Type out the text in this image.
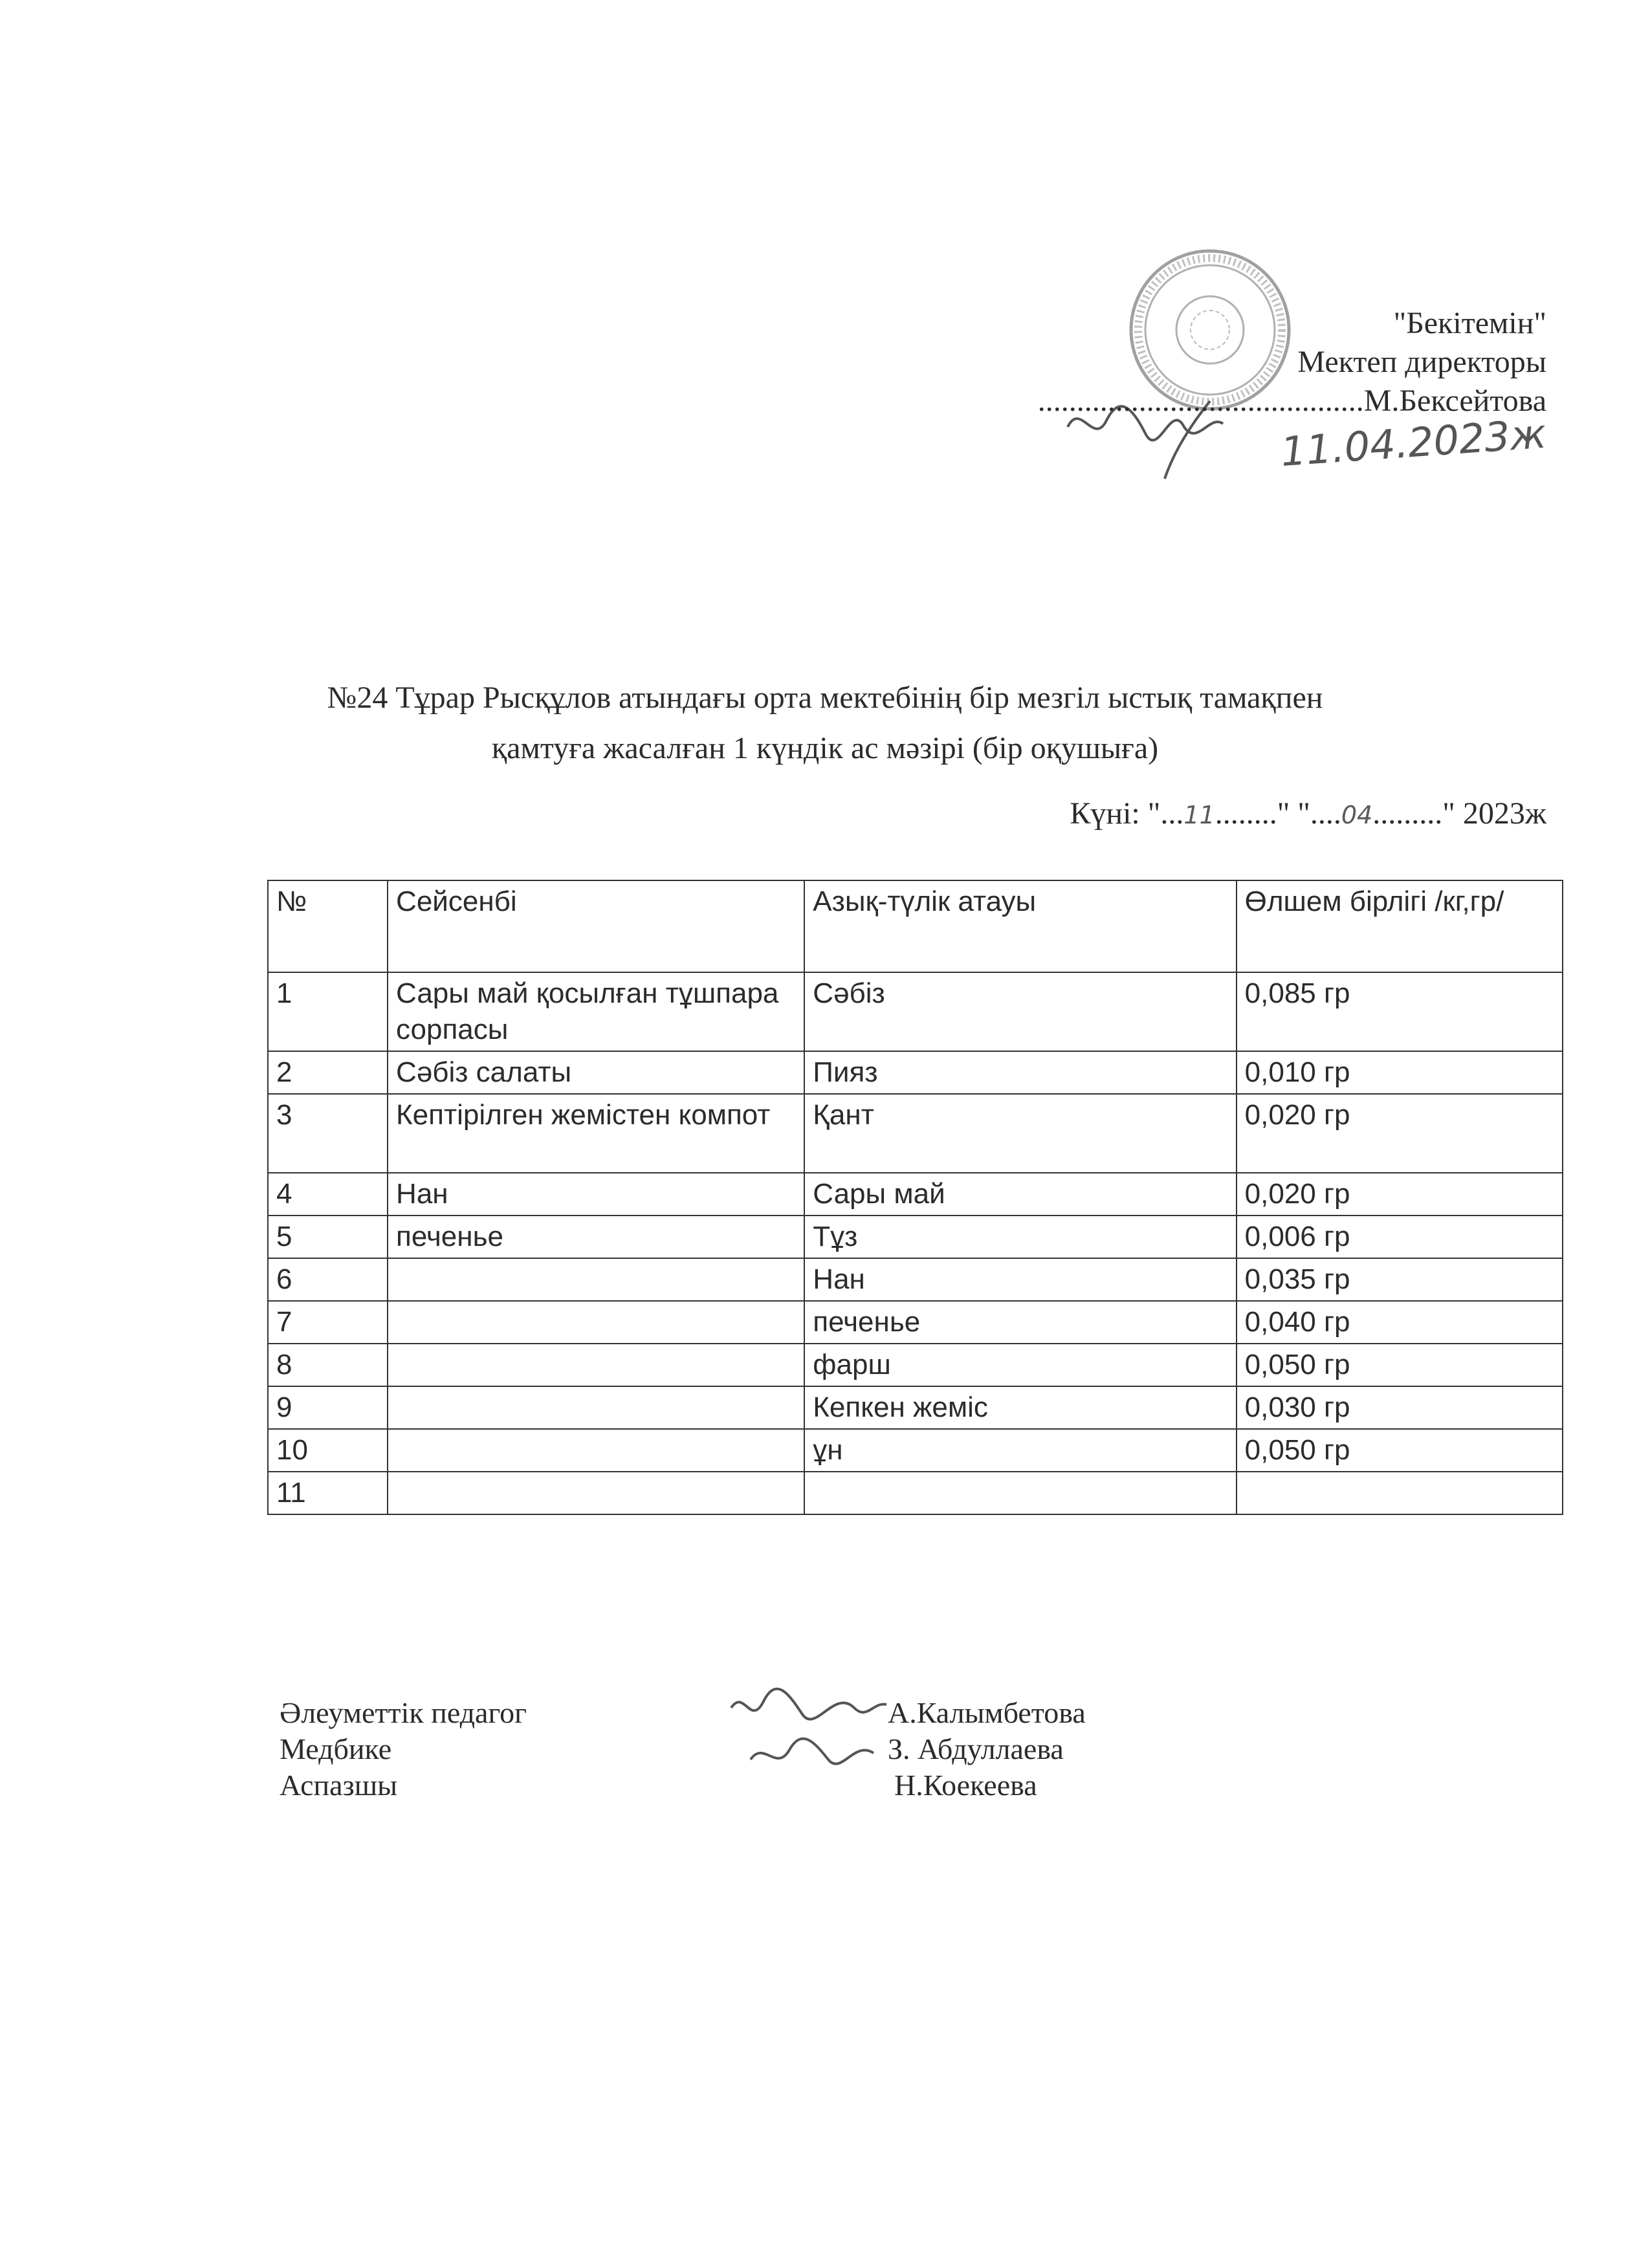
"Бекітемін"
Мектеп директоры
..........................................М.Бексейтова
11.04.2023ж
№24 Тұрар Рысқұлов атындағы орта мектебінің бір мезгіл ыстық тамақпен
қамтуға жасалған 1 күндік ас мәзірі (бір оқушыға)
Күні: "...11........" "....04........." 2023ж
№	Сейсенбі	Азық-түлік атауы	Өлшем бірлігі /кг,гр/
1	Сары май қосылған тұшпара сорпасы	Сәбіз	0,085 гр
2	Сәбіз салаты	Пияз	0,010 гр
3	Кептірілген жемістен компот	Қант	0,020 гр
4	Нан	Сары май	0,020 гр
5	печенье	Тұз	0,006 гр
6		Нан	0,035 гр
7		печенье	0,040 гр
8		фарш	0,050 гр
9		Кепкен жеміс	0,030 гр
10		ұн	0,050 гр
11			
Әлеуметтік педагог	А.Калымбетова
Медбике	З. Абдуллаева
Аспазшы	Н.Коекеева
